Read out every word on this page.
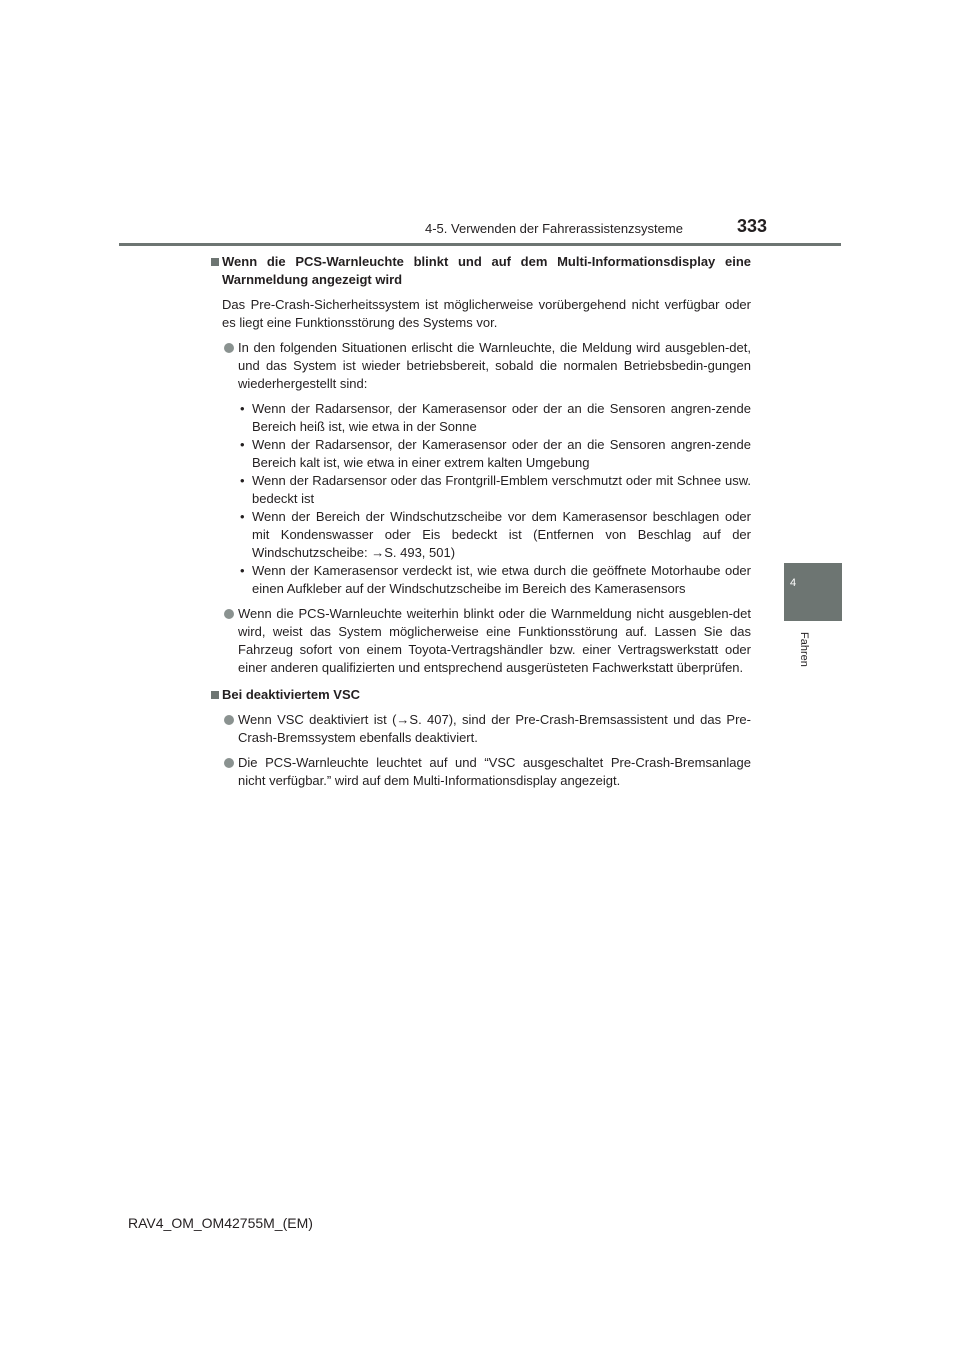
4-5. Verwenden der Fahrerassistenzsysteme	333
4
Fahren
Wenn die PCS-Warnleuchte blinkt und auf dem Multi-Informationsdisplay eine Warnmeldung angezeigt wird

Das Pre-Crash-Sicherheitssystem ist möglicherweise vorübergehend nicht verfügbar oder es liegt eine Funktionsstörung des Systems vor.

In den folgenden Situationen erlischt die Warnleuchte, die Meldung wird ausgeblen-det, und das System ist wieder betriebsbereit, sobald die normalen Betriebsbedin-gungen wiederhergestellt sind:
• Wenn der Radarsensor, der Kamerasensor oder der an die Sensoren angren-zende Bereich heiß ist, wie etwa in der Sonne
• Wenn der Radarsensor, der Kamerasensor oder der an die Sensoren angren-zende Bereich kalt ist, wie etwa in einer extrem kalten Umgebung
• Wenn der Radarsensor oder das Frontgrill-Emblem verschmutzt oder mit Schnee usw. bedeckt ist
• Wenn der Bereich der Windschutzscheibe vor dem Kamerasensor beschlagen oder mit Kondenswasser oder Eis bedeckt ist (Entfernen von Beschlag auf der Windschutzscheibe: →S. 493, 501)
• Wenn der Kamerasensor verdeckt ist, wie etwa durch die geöffnete Motorhaube oder einen Aufkleber auf der Windschutzscheibe im Bereich des Kamerasensors
Wenn die PCS-Warnleuchte weiterhin blinkt oder die Warnmeldung nicht ausgeblen-det wird, weist das System möglicherweise eine Funktionsstörung auf. Lassen Sie das Fahrzeug sofort von einem Toyota-Vertragshändler bzw. einer Vertragswerkstatt oder einer anderen qualifizierten und entsprechend ausgerüsteten Fachwerkstatt überprüfen.
Bei deaktiviertem VSC
Wenn VSC deaktiviert ist (→S. 407), sind der Pre-Crash-Bremsassistent und das Pre-Crash-Bremssystem ebenfalls deaktiviert.
Die PCS-Warnleuchte leuchtet auf und “VSC ausgeschaltet Pre-Crash-Bremsanlage nicht verfügbar.” wird auf dem Multi-Informationsdisplay angezeigt.
RAV4_OM_OM42755M_(EM)
